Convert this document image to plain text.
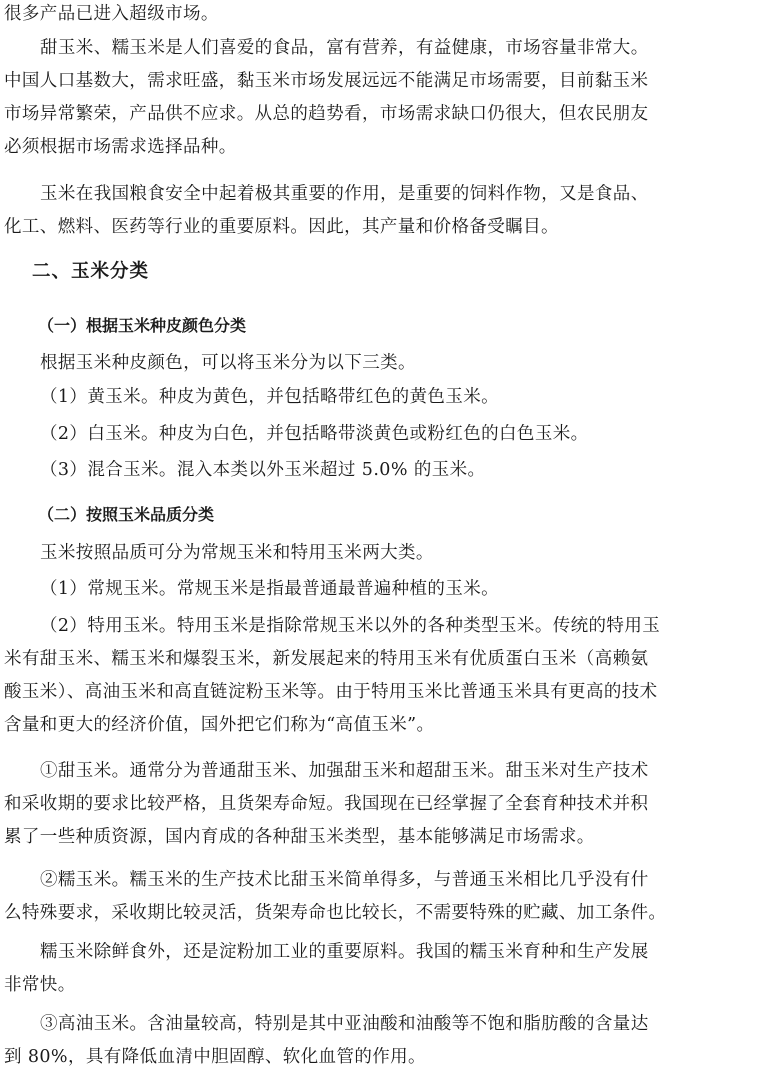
很多产品已进入超级市场。
甜玉米、糯玉米是人们喜爱的食品，富有营养，有益健康，市场容量非常大。
中国人口基数大，需求旺盛，黏玉米市场发展远远不能满足市场需要，目前黏玉米
市场异常繁荣，产品供不应求。从总的趋势看，市场需求缺口仍很大，但农民朋友
必须根据市场需求选择品种。
玉米在我国粮食安全中起着极其重要的作用，是重要的饲料作物，又是食品、
化工、燃料、医药等行业的重要原料。因此，其产量和价格备受瞩目。
二、玉米分类
（一）根据玉米种皮颜色分类
根据玉米种皮颜色，可以将玉米分为以下三类。
（1）黄玉米。种皮为黄色，并包括略带红色的黄色玉米。
（2）白玉米。种皮为白色，并包括略带淡黄色或粉红色的白色玉米。
（3）混合玉米。混入本类以外玉米超过 5.0% 的玉米。
（二）按照玉米品质分类
玉米按照品质可分为常规玉米和特用玉米两大类。
（1）常规玉米。常规玉米是指最普通最普遍种植的玉米。
（2）特用玉米。特用玉米是指除常规玉米以外的各种类型玉米。传统的特用玉
米有甜玉米、糯玉米和爆裂玉米，新发展起来的特用玉米有优质蛋白玉米（高赖氨
酸玉米）、高油玉米和高直链淀粉玉米等。由于特用玉米比普通玉米具有更高的技术
含量和更大的经济价值，国外把它们称为“高值玉米”。
①甜玉米。通常分为普通甜玉米、加强甜玉米和超甜玉米。甜玉米对生产技术
和采收期的要求比较严格，且货架寿命短。我国现在已经掌握了全套育种技术并积
累了一些种质资源，国内育成的各种甜玉米类型，基本能够满足市场需求。
②糯玉米。糯玉米的生产技术比甜玉米简单得多，与普通玉米相比几乎没有什
么特殊要求，采收期比较灵活，货架寿命也比较长，不需要特殊的贮藏、加工条件。
糯玉米除鲜食外，还是淀粉加工业的重要原料。我国的糯玉米育种和生产发展
非常快。
③高油玉米。含油量较高，特别是其中亚油酸和油酸等不饱和脂肪酸的含量达
到 80%，具有降低血清中胆固醇、软化血管的作用。
